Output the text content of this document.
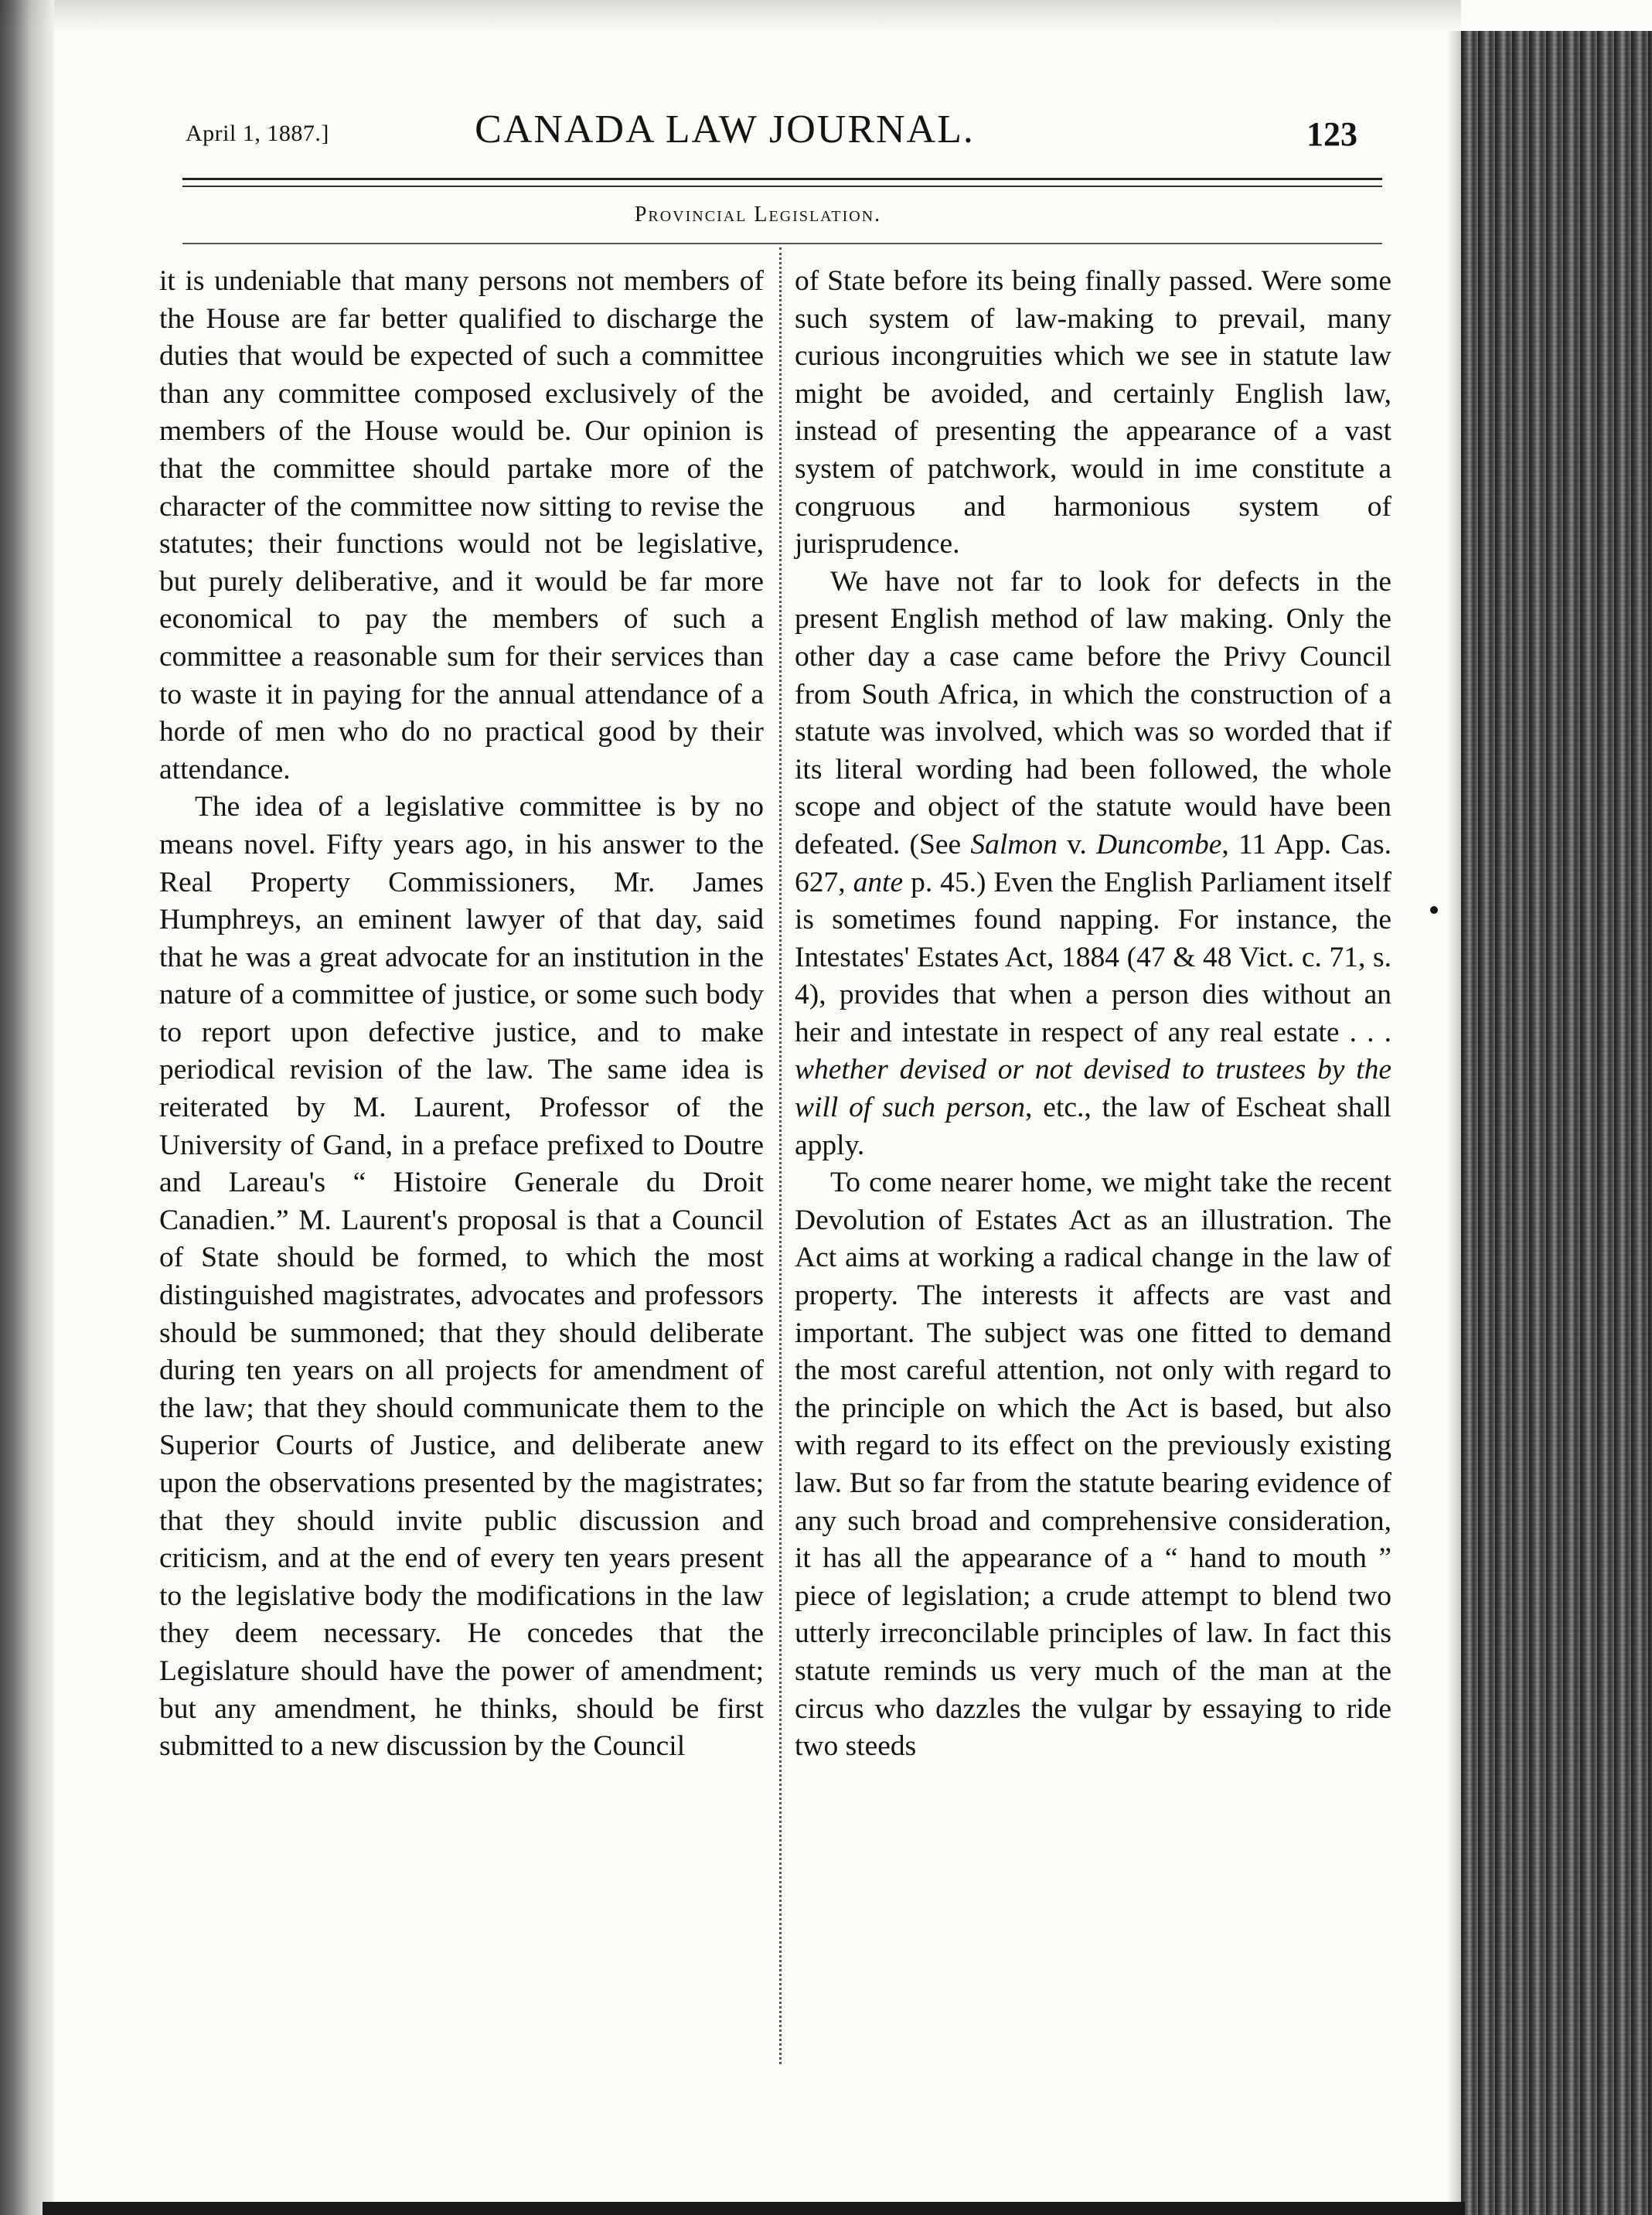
April 1, 1887.]	CANADA LAW JOURNAL.	123
Provincial Legislation.

it is undeniable that many persons not members of the House are far better qualified to discharge the duties that would be expected of such a committee than any committee composed exclusively of the members of the House would be. Our opinion is that the committee should partake more of the character of the committee now sitting to revise the statutes; their functions would not be legislative, but purely deliberative, and it would be far more economical to pay the members of such a committee a reasonable sum for their services than to waste it in paying for the annual attendance of a horde of men who do no practical good by their attendance.

The idea of a legislative committee is by no means novel. Fifty years ago, in his answer to the Real Property Commissioners, Mr. James Humphreys, an eminent lawyer of that day, said that he was a great advocate for an institution in the nature of a committee of justice, or some such body to report upon defective justice, and to make periodical revision of the law. The same idea is reiterated by M. Laurent, Professor of the University of Gand, in a preface prefixed to Doutre and Lareau's “ Histoire Generale du Droit Canadien.” M. Laurent's proposal is that a Council of State should be formed, to which the most distinguished magistrates, advocates and professors should be summoned; that they should deliberate during ten years on all projects for amendment of the law; that they should communicate them to the Superior Courts of Justice, and deliberate anew upon the observations presented by the magistrates; that they should invite public discussion and criticism, and at the end of every ten years present to the legislative body the modifications in the law they deem necessary. He concedes that the Legislature should have the power of amendment; but any amendment, he thinks, should be first submitted to a new discussion by the Council

of State before its being finally passed. Were some such system of law-making to prevail, many curious incongruities which we see in statute law might be avoided, and certainly English law, instead of presenting the appearance of a vast system of patchwork, would in ime constitute a congruous and harmonious system of jurisprudence.

We have not far to look for defects in the present English method of law making. Only the other day a case came before the Privy Council from South Africa, in which the construction of a statute was involved, which was so worded that if its literal wording had been followed, the whole scope and object of the statute would have been defeated. (See Salmon v. Duncombe, 11 App. Cas. 627, ante p. 45.) Even the English Parliament itself is sometimes found napping. For instance, the Intestates' Estates Act, 1884 (47 & 48 Vict. c. 71, s. 4), provides that when a person dies without an heir and intestate in respect of any real estate . . . whether devised or not devised to trustees by the will of such person, etc., the law of Escheat shall apply.

To come nearer home, we might take the recent Devolution of Estates Act as an illustration. The Act aims at working a radical change in the law of property. The interests it affects are vast and important. The subject was one fitted to demand the most careful attention, not only with regard to the principle on which the Act is based, but also with regard to its effect on the previously existing law. But so far from the statute bearing evidence of any such broad and comprehensive consideration, it has all the appearance of a “ hand to mouth ” piece of legislation; a crude attempt to blend two utterly irreconcilable principles of law. In fact this statute reminds us very much of the man at the circus who dazzles the vulgar by essaying to ride two steeds
